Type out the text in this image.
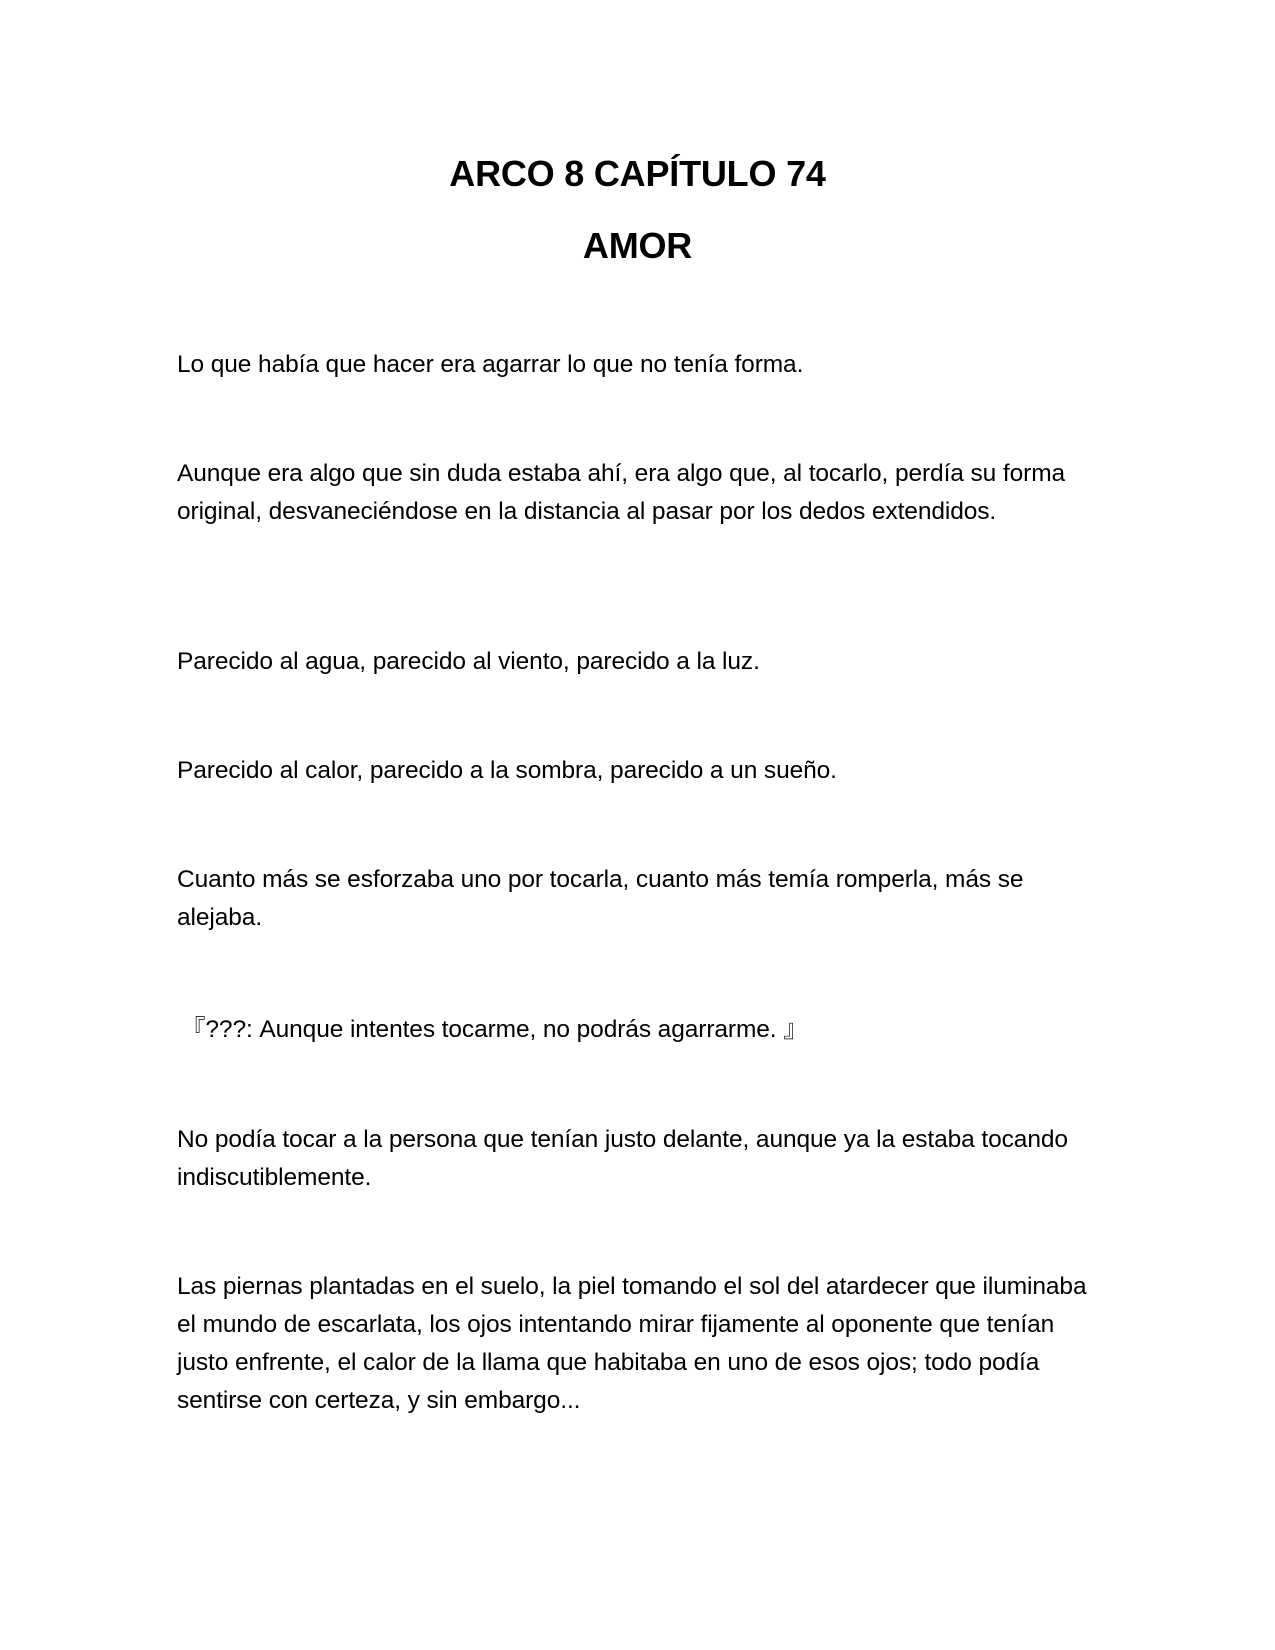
ARCO 8 CAPÍTULO 74
AMOR

Lo que había que hacer era agarrar lo que no tenía forma.

Aunque era algo que sin duda estaba ahí, era algo que, al tocarlo, perdía su forma original, desvaneciéndose en la distancia al pasar por los dedos extendidos.

Parecido al agua, parecido al viento, parecido a la luz.

Parecido al calor, parecido a la sombra, parecido a un sueño.

Cuanto más se esforzaba uno por tocarla, cuanto más temía romperla, más se alejaba.

『???: Aunque intentes tocarme, no podrás agarrarme. 』

No podía tocar a la persona que tenían justo delante, aunque ya la estaba tocando indiscutiblemente.

Las piernas plantadas en el suelo, la piel tomando el sol del atardecer que iluminaba el mundo de escarlata, los ojos intentando mirar fijamente al oponente que tenían justo enfrente, el calor de la llama que habitaba en uno de esos ojos; todo podía sentirse con certeza, y sin embargo...
